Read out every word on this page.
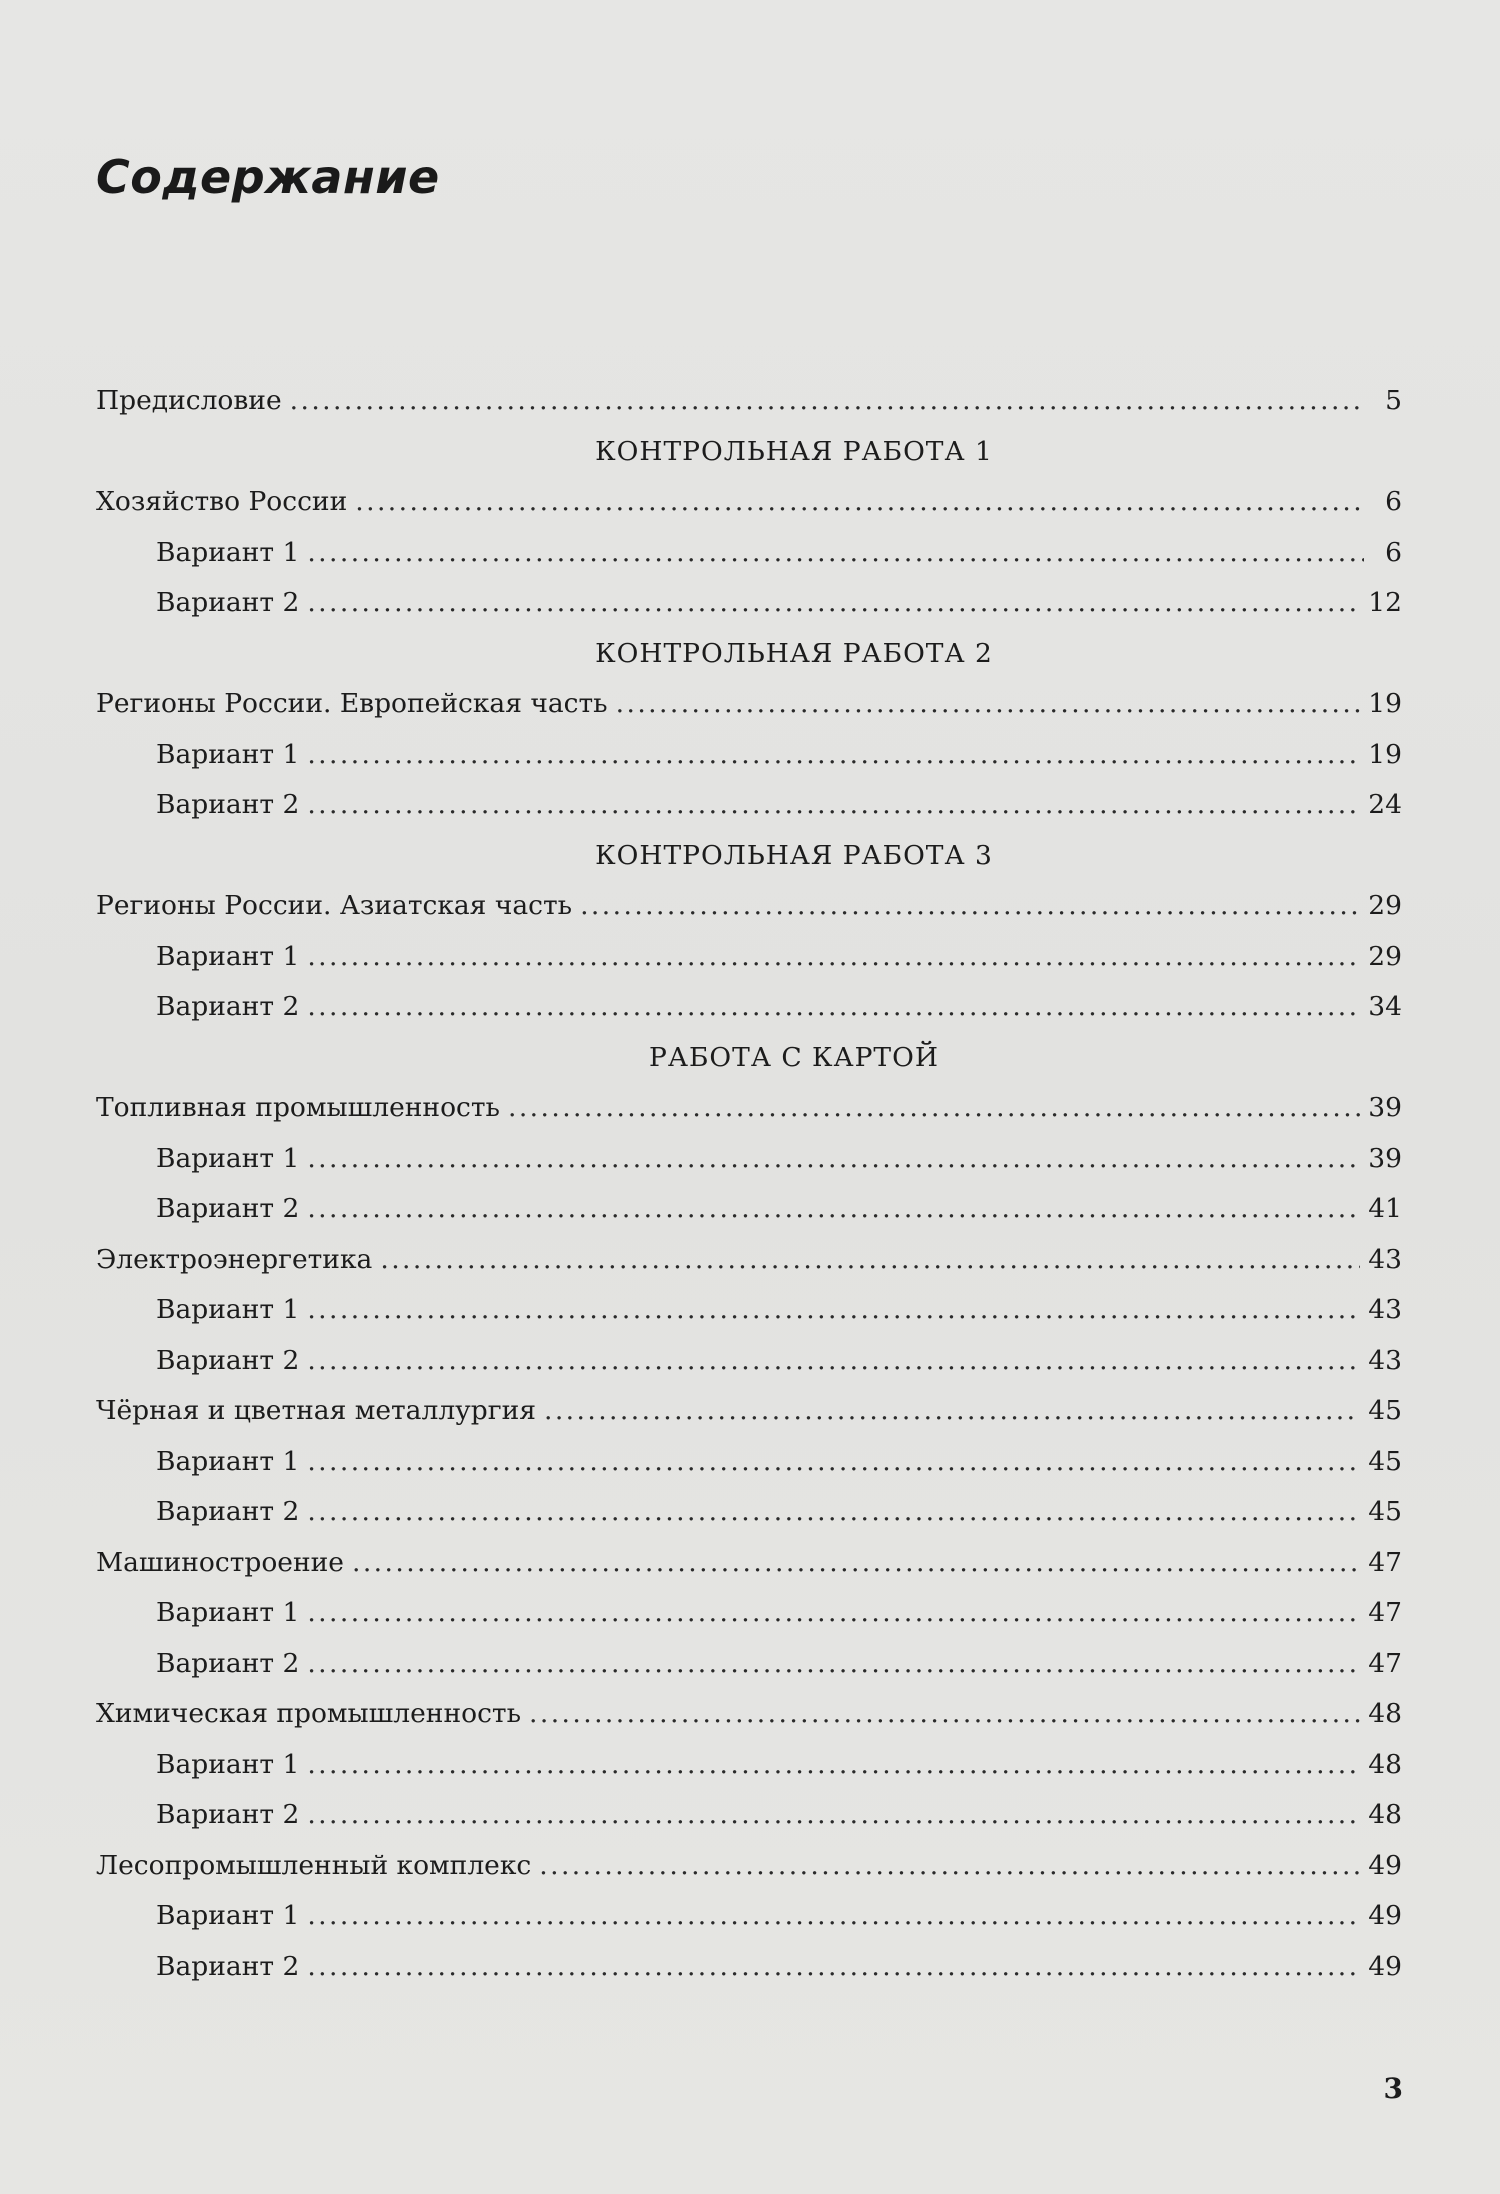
Содержание
Предисловие . . .	5
КОНТРОЛЬНАЯ РАБОТА 1
Хозяйство России . . .	6
Вариант 1 . . .	6
Вариант 2 . . .	12
КОНТРОЛЬНАЯ РАБОТА 2
Регионы России. Европейская часть . . .	19
Вариант 1 . . .	19
Вариант 2 . . .	24
КОНТРОЛЬНАЯ РАБОТА 3
Регионы России. Азиатская часть . . .	29
Вариант 1 . . .	29
Вариант 2 . . .	34
РАБОТА С КАРТОЙ
Топливная промышленность . . .	39
Вариант 1 . . .	39
Вариант 2 . . .	41
Электроэнергетика . . .	43
Вариант 1 . . .	43
Вариант 2 . . .	43
Чёрная и цветная металлургия . . .	45
Вариант 1 . . .	45
Вариант 2 . . .	45
Машиностроение . . .	47
Вариант 1 . . .	47
Вариант 2 . . .	47
Химическая промышленность . . .	48
Вариант 1 . . .	48
Вариант 2 . . .	48
Лесопромышленный комплекс . . .	49
Вариант 1 . . .	49
Вариант 2 . . .	49
3
